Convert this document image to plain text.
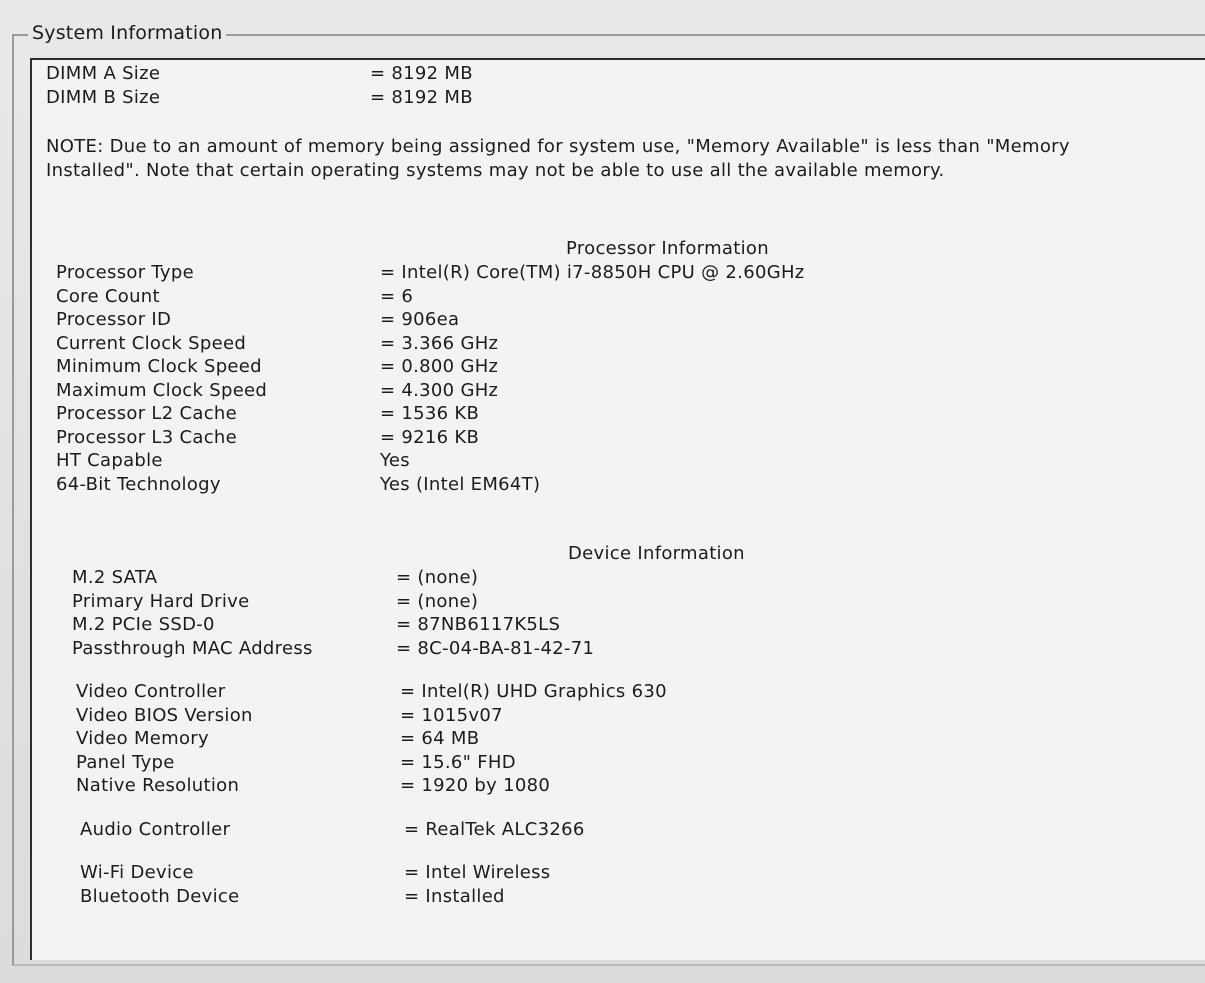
System Information
DIMM A Size	= 8192 MB
DIMM B Size	= 8192 MB
NOTE: Due to an amount of memory being assigned for system use, "Memory Available" is less than "Memory Installed". Note that certain operating systems may not be able to use all the available memory.
Processor Information
Processor Type	= Intel(R) Core(TM) i7-8850H CPU @ 2.60GHz
Core Count	= 6
Processor ID	= 906ea
Current Clock Speed	= 3.366 GHz
Minimum Clock Speed	= 0.800 GHz
Maximum Clock Speed	= 4.300 GHz
Processor L2 Cache	= 1536 KB
Processor L3 Cache	= 9216 KB
HT Capable	Yes
64-Bit Technology	Yes (Intel EM64T)
Device Information
M.2 SATA	= (none)
Primary Hard Drive	= (none)
M.2 PCIe SSD-0	= 87NB6117K5LS
Passthrough MAC Address	= 8C-04-BA-81-42-71
Video Controller	= Intel(R) UHD Graphics 630
Video BIOS Version	= 1015v07
Video Memory	= 64 MB
Panel Type	= 15.6" FHD
Native Resolution	= 1920 by 1080
Audio Controller	= RealTek ALC3266
Wi-Fi Device	= Intel Wireless
Bluetooth Device	= Installed
